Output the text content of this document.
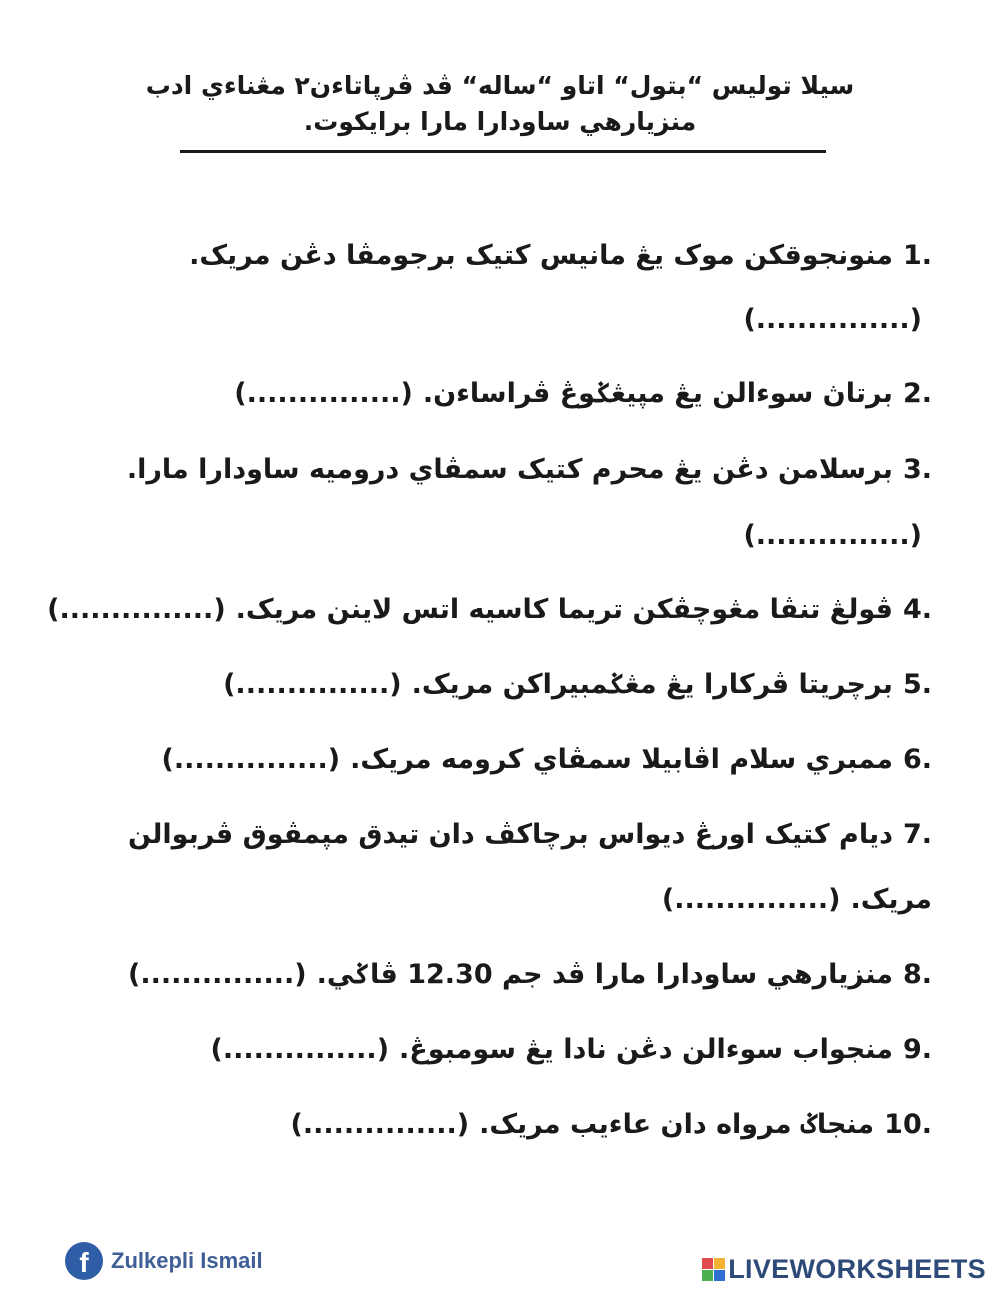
سيلا توليس “بتول“ اتاو “ساله“ ڤد ڤرپاتاءن٢ مڠناءي ادب
منزيارهي ساودارا مارا برايكوت.
1.منونجوقكن موک يڠ مانيس کتيک برجومڤا دڠن مريک.
(...............)
2.برتاڽ سوءالن يڠ مپيڠݢوڠ ڤراساءن.(...............)
3.برسلامن دڠن يڠ محرم کتيک سمڤاي دروميه ساودارا مارا.
(...............)
4.ڤولڠ تنڤا مڠوچڤکن تريما کاسيه اتس لاينن مريک.(...............)
5.برچريتا ڤرکارا يڠ مڠݢمبيراکن مريک.(...............)
6.ممبري سلام اڤابيلا سمڤاي کرومه مريک.(...............)
7.ديام کتيک اورڠ ديواس برچاکڤ دان تيدق مپمڤوق ڤربوالن
مريک.(...............)
8.منزيارهي ساودارا مارا ڤد جم 12.30 ڤاݢي.(...............)
9.منجواب سوءالن دڠن نادا يڠ سومبوڠ.(...............)
10.منجاݢ مرواه دان عاءيب مريک.(...............)
f	Zulkepli Ismail	LIVEWORKSHEETS
